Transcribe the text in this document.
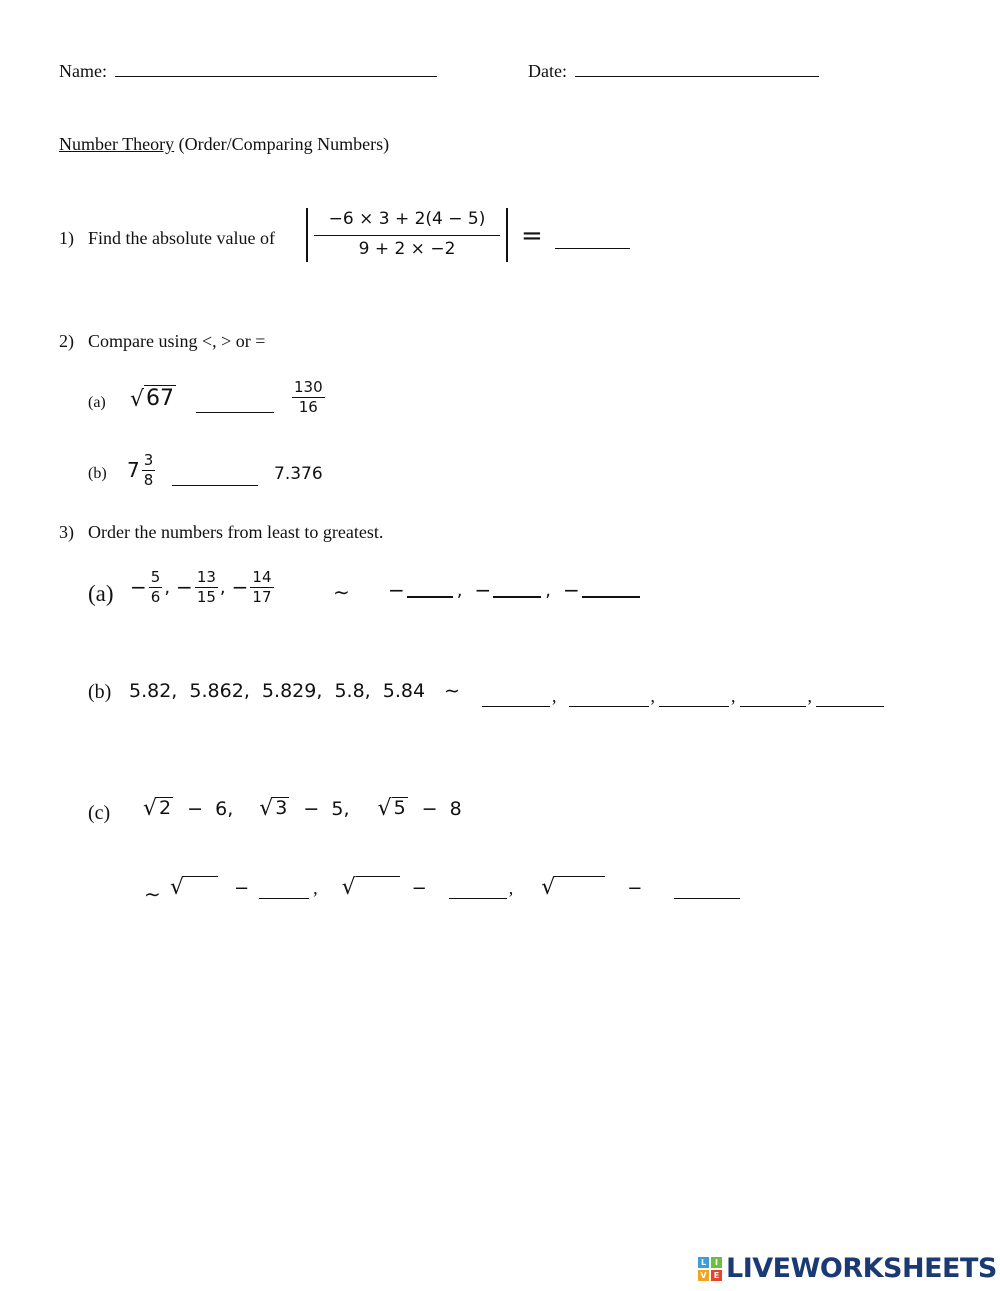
Name:	Date:
Number Theory (Order/Comparing Numbers)
1) Find the absolute value of
−6 × 3 + 2(4 − 5)
9 + 2 × −2	=
2) Compare using <, > or =
(a) √ 67	$\frac{130}{16}$
(b) $7 \frac{3}{8}$	7.376
3) Order the numbers from least to greatest.
$(a) - \frac{5}{6}$ , − $\frac{13}{15}$ , − $\frac{14}{17}$	∼ −	, −	, −
(b) 5.82,  5.862,  5.829,  5.8,  5.84 ∼	,	,	,	,
(c) √ 2 −  6, √ 3 −  5, √ 5 −  8
∼ √	−	, √	−	, √	−
L	I
V E LIVEWORKSHEETS
